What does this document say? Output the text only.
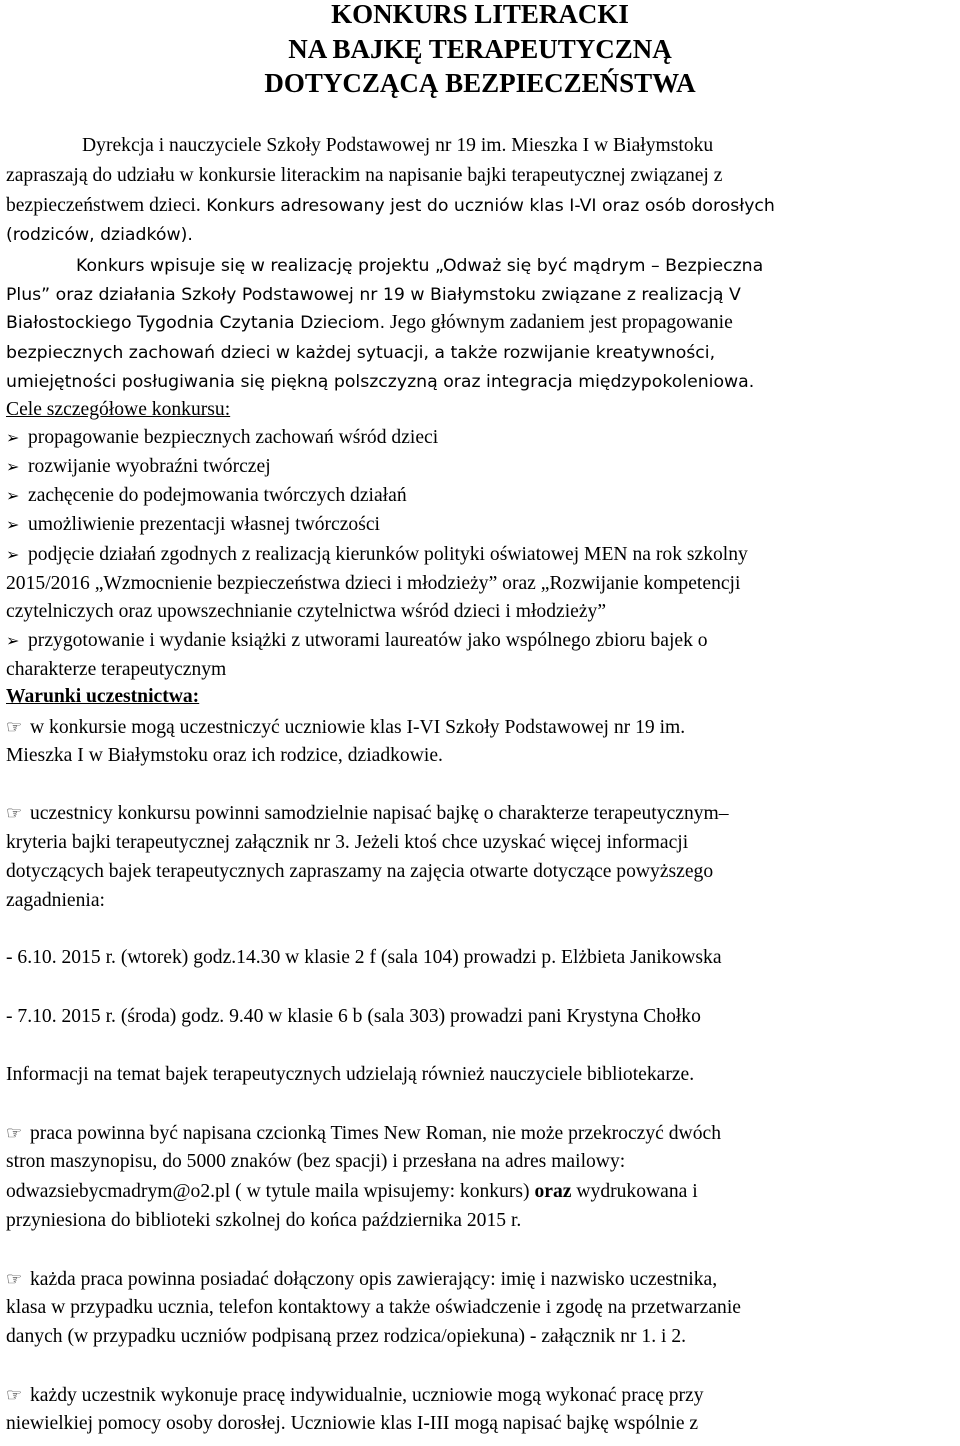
KONKURS LITERACKI
NA BAJKĘ TERAPEUTYCZNĄ
DOTYCZĄCĄ BEZPIECZEŃSTWA
Dyrekcja i nauczyciele Szkoły Podstawowej nr 19 im. Mieszka I w Białymstoku
zapraszają do udziału w konkursie literackim na napisanie bajki terapeutycznej związanej z
bezpieczeństwem dzieci. Konkurs adresowany jest do uczniów klas I-VI oraz osób dorosłych
(rodziców, dziadków).
Konkurs wpisuje się w realizację projektu „Odważ się być mądrym – Bezpieczna
Plus” oraz działania Szkoły Podstawowej nr 19 w Białymstoku związane z realizacją V
Białostockiego Tygodnia Czytania Dzieciom. Jego głównym zadaniem jest propagowanie
bezpiecznych zachowań dzieci w każdej sytuacji, a także rozwijanie kreatywności,
umiejętności posługiwania się piękną polszczyzną oraz integracja międzypokoleniowa.
Cele szczegółowe konkursu:
➢ propagowanie bezpiecznych zachowań wśród dzieci
➢ rozwijanie wyobraźni twórczej
➢ zachęcenie do podejmowania twórczych działań
➢ umożliwienie prezentacji własnej twórczości
➢ podjęcie działań zgodnych z realizacją kierunków polityki oświatowej MEN na rok szkolny
2015/2016 „Wzmocnienie bezpieczeństwa dzieci i młodzieży” oraz „Rozwijanie kompetencji
czytelniczych oraz upowszechnianie czytelnictwa wśród dzieci i młodzieży”
➢ przygotowanie i wydanie książki z utworami laureatów jako wspólnego zbioru bajek o
charakterze terapeutycznym
Warunki uczestnictwa:
☞ w konkursie mogą uczestniczyć uczniowie klas I-VI Szkoły Podstawowej nr 19 im.
Mieszka I w Białymstoku oraz ich rodzice, dziadkowie.
☞ uczestnicy konkursu powinni samodzielnie napisać bajkę o charakterze terapeutycznym–
kryteria bajki terapeutycznej załącznik nr 3. Jeżeli ktoś chce uzyskać więcej informacji
dotyczących bajek terapeutycznych zapraszamy na zajęcia otwarte dotyczące powyższego
zagadnienia:
- 6.10. 2015 r. (wtorek) godz.14.30 w klasie 2 f (sala 104) prowadzi p. Elżbieta Janikowska
- 7.10. 2015 r. (środa) godz. 9.40 w klasie 6 b (sala 303) prowadzi pani Krystyna Chołko
Informacji na temat bajek terapeutycznych udzielają również nauczyciele bibliotekarze.
☞ praca powinna być napisana czcionką Times New Roman, nie może przekroczyć dwóch
stron maszynopisu, do 5000 znaków (bez spacji) i przesłana na adres mailowy:
odwazsiebycmadrym@o2.pl ( w tytule maila wpisujemy: konkurs) oraz wydrukowana i
przyniesiona do biblioteki szkolnej do końca października 2015 r.
☞ każda praca powinna posiadać dołączony opis zawierający: imię i nazwisko uczestnika,
klasa w przypadku ucznia, telefon kontaktowy a także oświadczenie i zgodę na przetwarzanie
danych (w przypadku uczniów podpisaną przez rodzica/opiekuna) - załącznik nr 1. i 2.
☞ każdy uczestnik wykonuje pracę indywidualnie, uczniowie mogą wykonać pracę przy
niewielkiej pomocy osoby dorosłej. Uczniowie klas I-III mogą napisać bajkę wspólnie z
